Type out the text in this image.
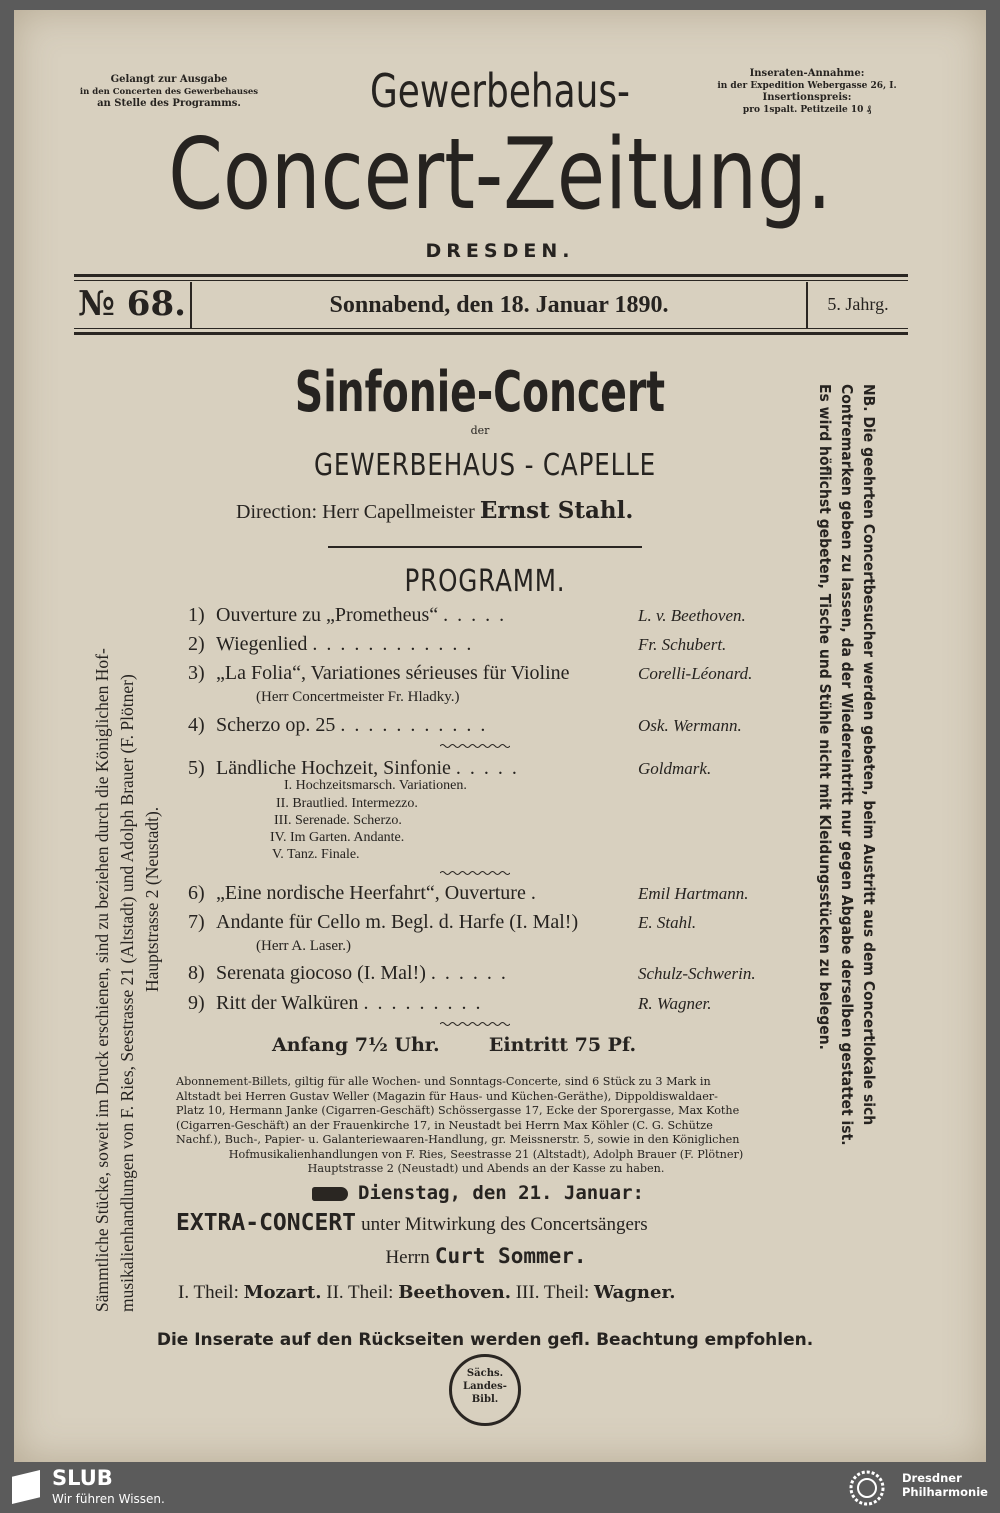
Gelangt zur Ausgabe
in den Concerten des Gewerbehauses
an Stelle des Programms.
Inseraten-Annahme:
in der Expedition Webergasse 26, I.
Insertionspreis:
pro 1spalt. Petitzeile 10 ₰
Gewerbehaus-
Concert-Zeitung.
DRESDEN.
№ 68.	Sonnabend, den 18. Januar 1890.	5. Jahrg.
Sinfonie-Concert
der
GEWERBEHAUS - CAPELLE
Direction: Herr Capellmeister Ernst Stahl.
PROGRAMM.
1) Ouverture zu „Prometheus“ .....	L. v. Beethoven.
2) Wiegenlied ............	Fr. Schubert.
3) „La Folia“, Variationes sérieuses für Violine	Corelli-Léonard.
(Herr Concertmeister Fr. Hladky.)
4) Scherzo op. 25 ...........	Osk. Wermann.
5) Ländliche Hochzeit, Sinfonie .....	Goldmark.
I. Hochzeitsmarsch. Variationen.
II. Brautlied. Intermezzo.
III. Serenade. Scherzo.
IV. Im Garten. Andante.
V. Tanz. Finale.
6) „Eine nordische Heerfahrt“, Ouverture .	Emil Hartmann.
7) Andante für Cello m. Begl. d. Harfe (I. Mal!)	E. Stahl.
(Herr A. Laser.)
8) Serenata giocoso (I. Mal!) ......	Schulz-Schwerin.
9) Ritt der Walküren .........	R. Wagner.
Anfang 7½ Uhr.	Eintritt 75 Pf.
Abonnement-Billets, giltig für alle Wochen- und Sonntags-Concerte, sind 6 Stück zu 3 Mark in
Altstadt bei Herren Gustav Weller (Magazin für Haus- und Küchen-Geräthe), Dippoldiswaldaer-
Platz 10, Hermann Janke (Cigarren-Geschäft) Schössergasse 17, Ecke der Sporergasse, Max Kothe
(Cigarren-Geschäft) an der Frauenkirche 17, in Neustadt bei Herrn Max Köhler (C. G. Schütze
Nachf.), Buch-, Papier- u. Galanteriewaaren-Handlung, gr. Meissnerstr. 5, sowie in den Königlichen
Hofmusikalienhandlungen von F. Ries, Seestrasse 21 (Altstadt), Adolph Brauer (F. Plötner)
Hauptstrasse 2 (Neustadt) und Abends an der Kasse zu haben.
Dienstag, den 21. Januar:
EXTRA-CONCERT unter Mitwirkung des Concertsängers
Herrn Curt Sommer.
I. Theil: Mozart. II. Theil: Beethoven. III. Theil: Wagner.
Die Inserate auf den Rückseiten werden gefl. Beachtung empfohlen.
Sächs.
Landes-
Bibl.
Sämmtliche Stücke, soweit im Druck erschienen, sind zu beziehen durch die Königlichen Hof- musikalienhandlungen von F. Ries, Seestrasse 21 (Altstadt) und Adolph Brauer (F. Plötner) Hauptstrasse 2 (Neustadt).	NB. Die geehrten Concertbesucher werden gebeten, beim Austritt aus dem Concertlokale sich
Contremarken geben zu lassen, da der Wiedereintritt nur gegen Abgabe derselben gestattet ist.
Es wird höflichst gebeten, Tische und Stühle nicht mit Kleidungsstücken zu belegen.
SLUB
Wir führen Wissen.
Dresdner
Philharmonie
